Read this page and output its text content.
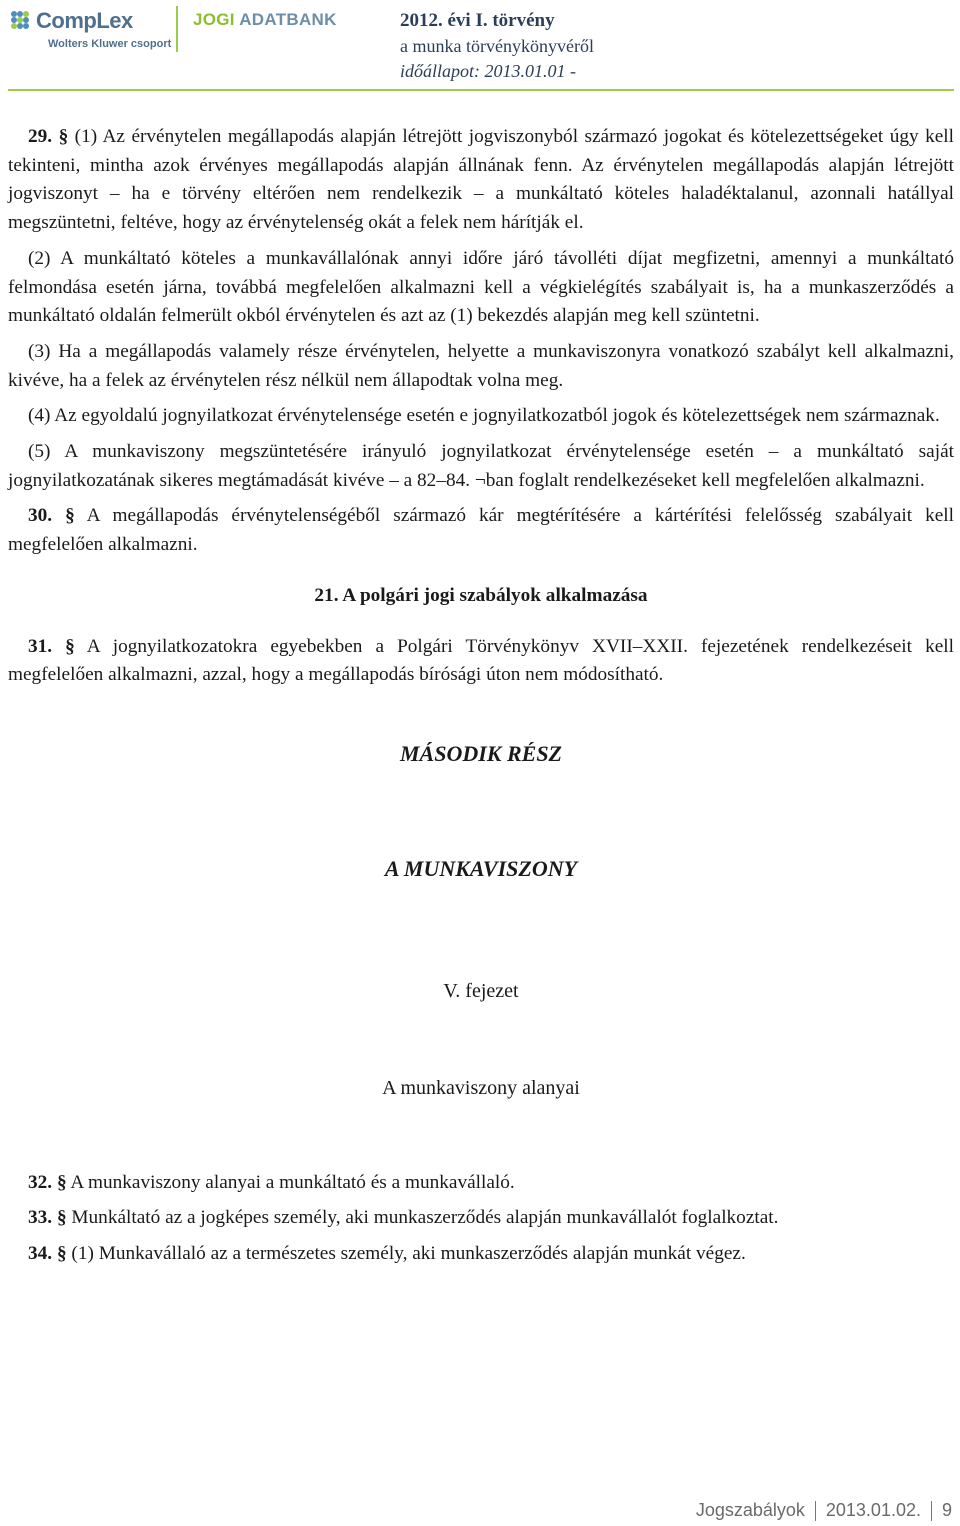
CompLex
Wolters Kluwer csoport
JOGI ADATBANK	2012. évi I. törvény
a munka törvénykönyvéről
időállapot: 2013.01.01 -

29. § (1) Az érvénytelen megállapodás alapján létrejött jogviszonyból származó jogokat és kötelezettségeket úgy kell tekinteni, mintha azok érvényes megállapodás alapján állnának fenn. Az érvénytelen megállapodás alapján létrejött jogviszonyt – ha e törvény eltérően nem rendelkezik – a munkáltató köteles haladéktalanul, azonnali hatállyal megszüntetni, feltéve, hogy az érvénytelenség okát a felek nem hárítják el.

(2) A munkáltató köteles a munkavállalónak annyi időre járó távolléti díjat megfizetni, amennyi a munkáltató felmondása esetén járna, továbbá megfelelően alkalmazni kell a végkielégítés szabályait is, ha a munkaszerződés a munkáltató oldalán felmerült okból érvénytelen és azt az (1) bekezdés alapján meg kell szüntetni.

(3) Ha a megállapodás valamely része érvénytelen, helyette a munkaviszonyra vonatkozó szabályt kell alkalmazni, kivéve, ha a felek az érvénytelen rész nélkül nem állapodtak volna meg.

(4) Az egyoldalú jognyilatkozat érvénytelensége esetén e jognyilatkozatból jogok és kötelezettségek nem származnak.

(5) A munkaviszony megszüntetésére irányuló jognyilatkozat érvénytelensége esetén – a munkáltató saját jognyilatkozatának sikeres megtámadását kivéve – a 82–84. ¬ban foglalt rendelkezéseket kell megfelelően alkalmazni.

30. § A megállapodás érvénytelenségéből származó kár megtérítésére a kártérítési felelősség szabályait kell megfelelően alkalmazni.

21. A polgári jogi szabályok alkalmazása

31. § A jognyilatkozatokra egyebekben a Polgári Törvénykönyv XVII–XXII. fejezetének rendelkezéseit kell megfelelően alkalmazni, azzal, hogy a megállapodás bírósági úton nem módosítható.

MÁSODIK RÉSZ

A MUNKAVISZONY

V. fejezet

A munkaviszony alanyai

32. § A munkaviszony alanyai a munkáltató és a munkavállaló.

33. § Munkáltató az a jogképes személy, aki munkaszerződés alapján munkavállalót foglalkoztat.

34. § (1) Munkavállaló az a természetes személy, aki munkaszerződés alapján munkát végez.

Jogszabályok 2013.01.02. 9
